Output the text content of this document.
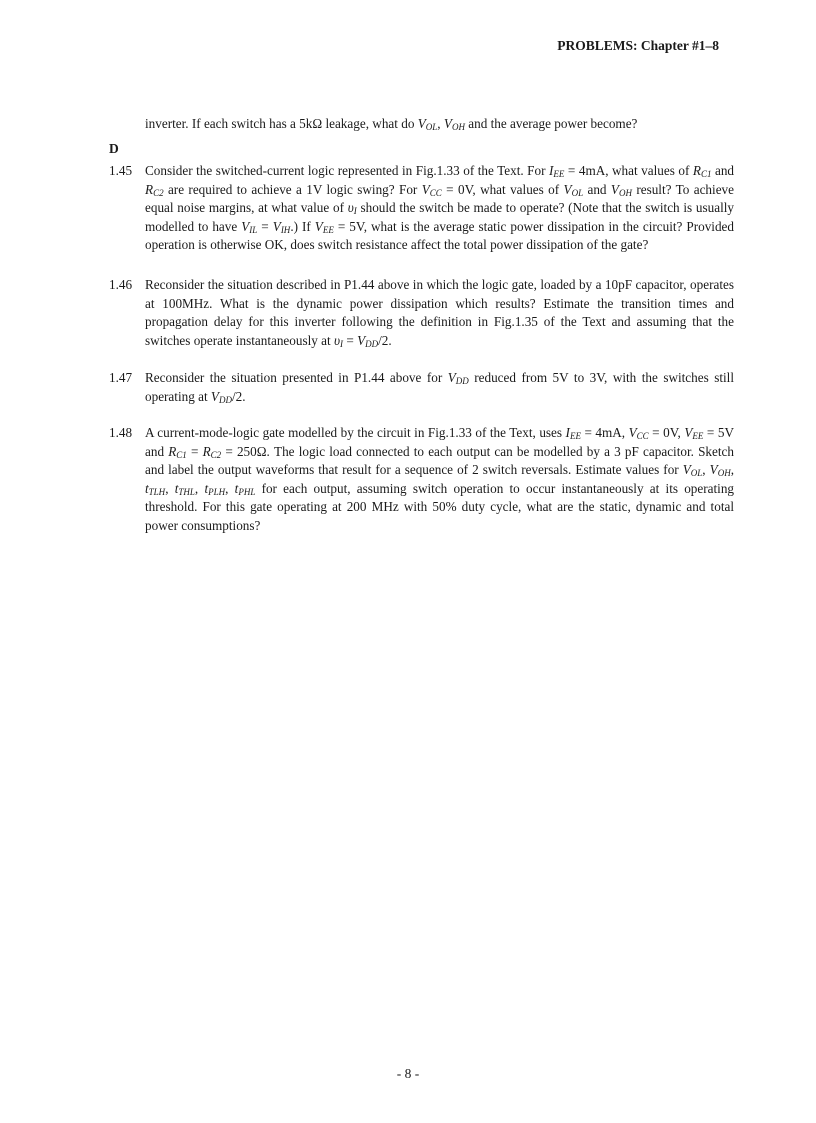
PROBLEMS: Chapter #1–8
inverter. If each switch has a 5kΩ leakage, what do $V_{OL}$, $V_{OH}$ and the average power become?
D
1.45 Consider the switched-current logic represented in Fig.1.33 of the Text. For $I_{EE} = 4mA$, what values of $R_{C1}$ and $R_{C2}$ are required to achieve a 1V logic swing? For $V_{CC} = 0V$, what values of $V_{OL}$ and $V_{OH}$ result? To achieve equal noise margins, at what value of $\upsilon_I$ should the switch be made to operate? (Note that the switch is usually modelled to have $V_{IL} = V_{IH}$.) If $V_{EE} = 5V$, what is the average static power dissipation in the circuit? Provided operation is otherwise OK, does switch resistance affect the total power dissipation of the gate?
1.46 Reconsider the situation described in P1.44 above in which the logic gate, loaded by a 10pF capacitor, operates at 100MHz. What is the dynamic power dissipation which results? Estimate the transition times and propagation delay for this inverter following the definition in Fig.1.35 of the Text and assuming that the switches operate instantaneously at $\upsilon_I = V_{DD}/2$.
1.47 Reconsider the situation presented in P1.44 above for $V_{DD}$ reduced from 5V to 3V, with the switches still operating at $V_{DD}/2$.
1.48 A current-mode-logic gate modelled by the circuit in Fig.1.33 of the Text, uses $I_{EE} = 4mA$, $V_{CC} = 0V$, $V_{EE} = 5V$ and $R_{C1} = R_{C2} = 250\Omega$. The logic load connected to each output can be modelled by a 3 pF capacitor. Sketch and label the output waveforms that result for a sequence of 2 switch reversals. Estimate values for $V_{OL}$, $V_{OH}$, $t_{TLH}$, $t_{THL}$, $t_{PLH}$, $t_{PHL}$ for each output, assuming switch operation to occur instantaneously at its operating threshold. For this gate operating at 200 MHz with 50% duty cycle, what are the static, dynamic and total power consumptions?
- 8 -
